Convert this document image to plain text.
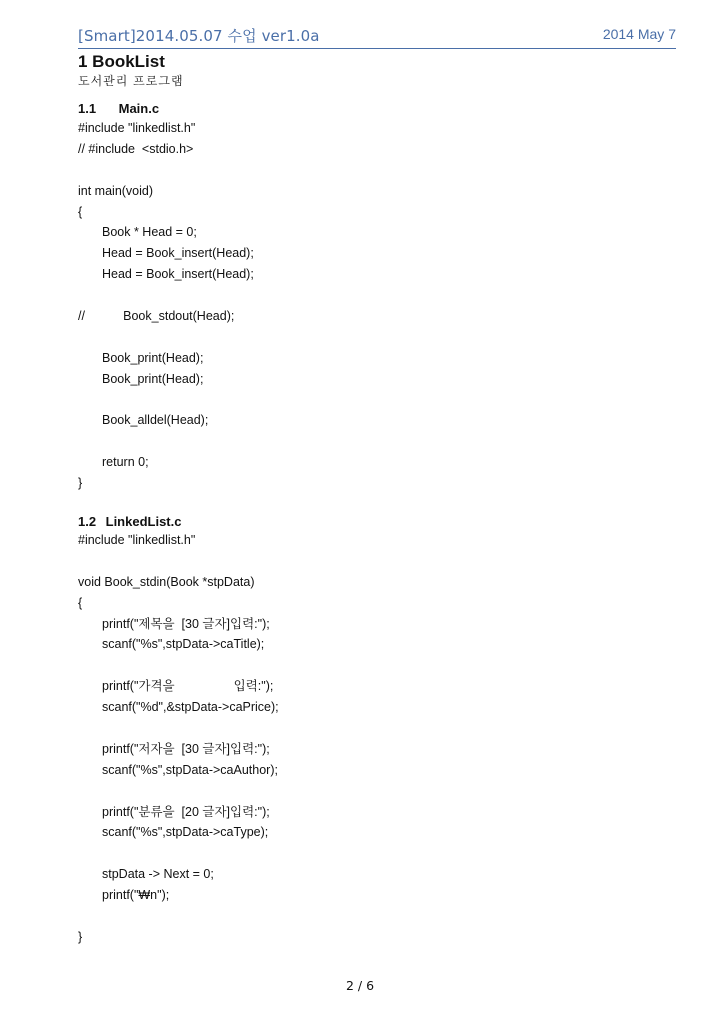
[Smart]2014.05.07 수업 ver1.0a	2014 May 7
1 BookList
도서관리 프로그램
1.1 Main.c
#include "linkedlist.h"
// #include  <stdio.h>
int main(void)
{
Book * Head = 0;
Head = Book_insert(Head);
Head = Book_insert(Head);
//           Book_stdout(Head);
Book_print(Head);
Book_print(Head);
Book_alldel(Head);
return 0;
}
1.2 LinkedList.c
#include "linkedlist.h"
void Book_stdin(Book *stpData)
{
printf("제목을  [30 글자]입력:");
scanf("%s",stpData->caTitle);
printf("가격을                 입력:");
scanf("%d",&stpData->caPrice);
printf("저자을  [30 글자]입력:");
scanf("%s",stpData->caAuthor);
printf("분류을  [20 글자]입력:");
scanf("%s",stpData->caType);
stpData -> Next = 0;
printf("₩n");
}
2 / 6
